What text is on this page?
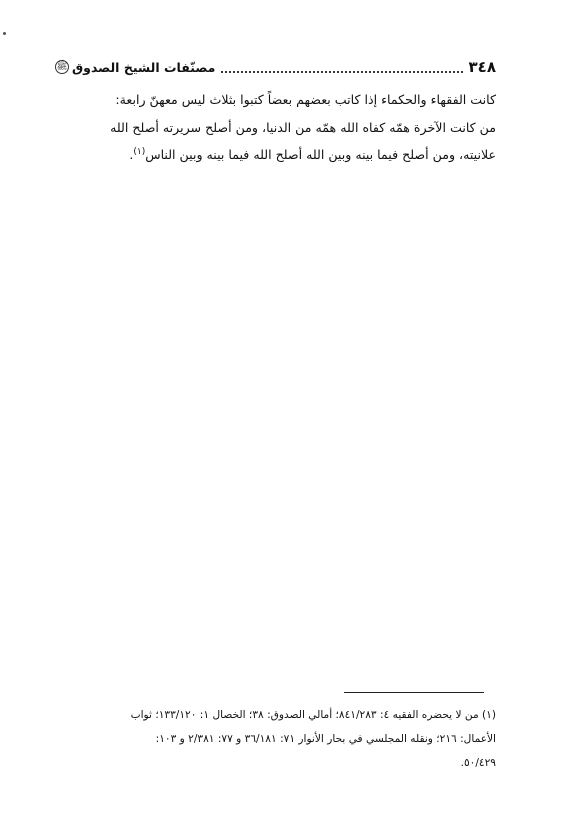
مصنّفات الشيخ الصدوق
ﷺ	٣٤٨
كانت الفقهاء والحكماء إذا كاتب بعضهم بعضاً كتبوا بثلاث ليس معهنّ رابعة:
من كانت الآخرة همّه كفاه الله همّه من الدنيا، ومن أصلح سريرته أصلح الله
علانيته، ومن أصلح فيما بينه وبين الله أصلح الله فيما بينه وبين الناس$^{(١)}$.
(١) من لا يحضره الفقيه ٤: ٨٤١/٢٨٣؛ أمالي الصدوق: ٣٨؛ الخصال ١: ١٣٣/١٢٠؛ ثواب
الأعمال: ٢١٦؛ ونقله المجلسي في بحار الأنوار ٧١: ٣٦/١٨١ و ٧٧: ٢/٣٨١ و ١٠٣:
٥٠/٤٢٩.
